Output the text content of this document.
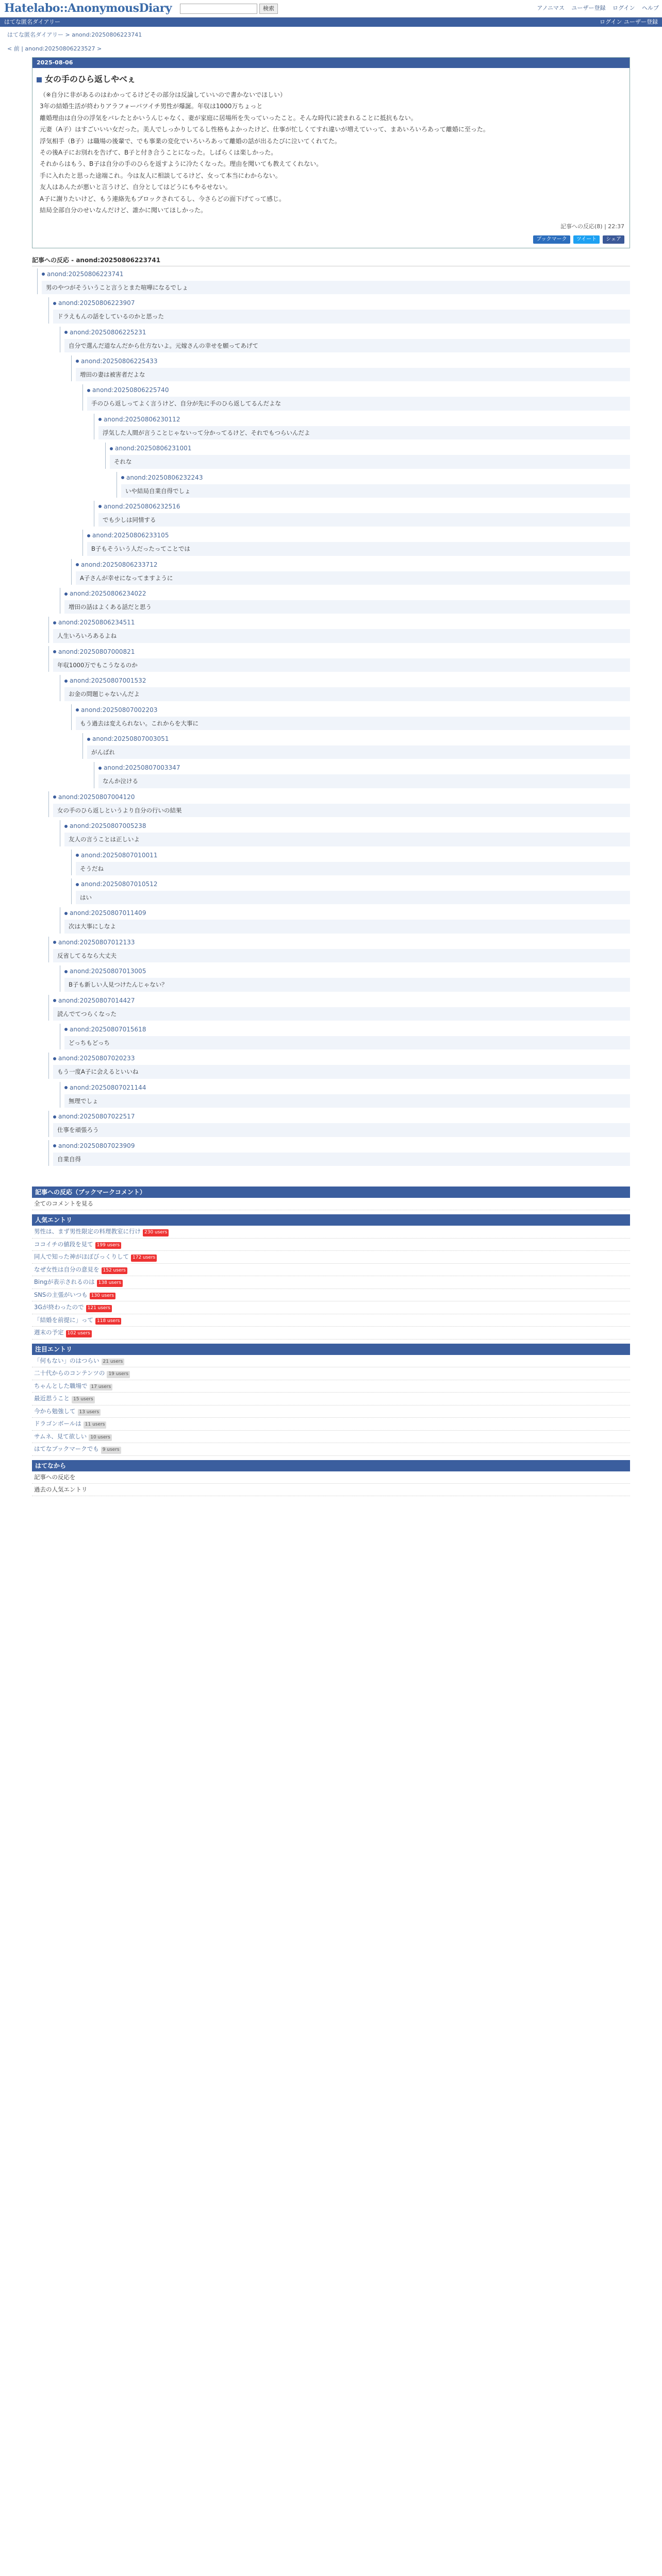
Hatelabo::AnonymousDiary	検索	アノニマス ユーザー登録 ログイン ヘルプ
はてな匿名ダイアリー	ログイン ユーザー登録
はてな匿名ダイアリー > anond:20250806223741
< 前 | anond:20250806223527 >
2025-08-06
女の手のひら返しやべぇ

（※自分に非があるのはわかってるけどその部分は反論していいので書かないでほしい）

3年の結婚生活が終わりアラフォーバツイチ男性が爆誕。年収は1000万ちょっと

離婚理由は自分の浮気をバレたとかいうんじゃなく、妻が家庭に居場所を失っていったこと。そんな時代に読まれることに抵抗もない。

元妻（A子）はすごいいい女だった。美人でしっかりしてるし性格もよかったけど、仕事が忙しくてすれ違いが増えていって、まあいろいろあって離婚に至った。

浮気相手（B子）は職場の後輩で、でも事業の変化でいろいろあって離婚の話が出るたびに泣いてくれてた。

その後A子にお別れを告げて、B子と付き合うことになった。しばらくは楽しかった。

それからはもう、B子は自分の手のひらを返すように冷たくなった。理由を聞いても教えてくれない。

手に入れたと思った途端これ。今は友人に相談してるけど、女って本当にわからない。

友人はあんたが悪いと言うけど、自分としてはどうにもやるせない。

A子に謝りたいけど、もう連絡先もブロックされてるし、今さらどの面下げてって感じ。

結局全部自分のせいなんだけど、誰かに聞いてほしかった。

記事への反応(8) | 22:37
ブックマーク	ツイート	シェア
記事への反応 - anond:20250806223741
anond:20250806223741
男のやつがそういうこと言うとまた喧嘩になるでしょ
anond:20250806223907
ドラえもんの話をしているのかと思った
anond:20250806225231
自分で選んだ道なんだから仕方ないよ。元嫁さんの幸せを願ってあげて
anond:20250806225433
増田の妻は被害者だよな
anond:20250806225740
手のひら返しってよく言うけど、自分が先に手のひら返してるんだよな
anond:20250806230112
浮気した人間が言うことじゃないって分かってるけど、それでもつらいんだよ
anond:20250806231001
それな
anond:20250806232243
いや結局自業自得でしょ
anond:20250806232516
でも少しは同情する
anond:20250806233105
B子もそういう人だったってことでは
anond:20250806233712
A子さんが幸せになってますように
anond:20250806234022
増田の話はよくある話だと思う
anond:20250806234511
人生いろいろあるよね
anond:20250807000821
年収1000万でもこうなるのか
anond:20250807001532
お金の問題じゃないんだよ
anond:20250807002203
もう過去は変えられない。これからを大事に
anond:20250807003051
がんばれ
anond:20250807003347
なんか泣ける
anond:20250807004120
女の手のひら返しというより自分の行いの結果
anond:20250807005238
友人の言うことは正しいよ
anond:20250807010011
そうだね
anond:20250807010512
はい
anond:20250807011409
次は大事にしなよ
anond:20250807012133
反省してるなら大丈夫
anond:20250807013005
B子も新しい人見つけたんじゃない？
anond:20250807014427
読んでてつらくなった
anond:20250807015618
どっちもどっち
anond:20250807020233
もう一度A子に会えるといいね
anond:20250807021144
無理でしょ
anond:20250807022517
仕事を頑張ろう
anond:20250807023909
自業自得
記事への反応（ブックマークコメント）
全てのコメントを見る
人気エントリ
男性は、まず男性限定の料理教室に行け 230 users
ココイチの値段を見て 199 users
同人で知った神がほぼびっくりして 172 users
なぜ女性は自分の意見を 152 users
Bingが表示されるのは 138 users
SNSの主張がいつも 130 users
3Gが終わったので 121 users
「結婚を前提に」って 118 users
週末の予定 102 users
注目エントリ
「何もない」のはつらい 21 users
二十代からのコンテンツの 19 users
ちゃんとした職場で 17 users
最近思うこと 15 users
今から勉強して 13 users
ドラゴンボールは 11 users
サムネ、見て欲しい 10 users
はてなブックマークでも 9 users
はてなから
記事への反応を
過去の人気エントリ
